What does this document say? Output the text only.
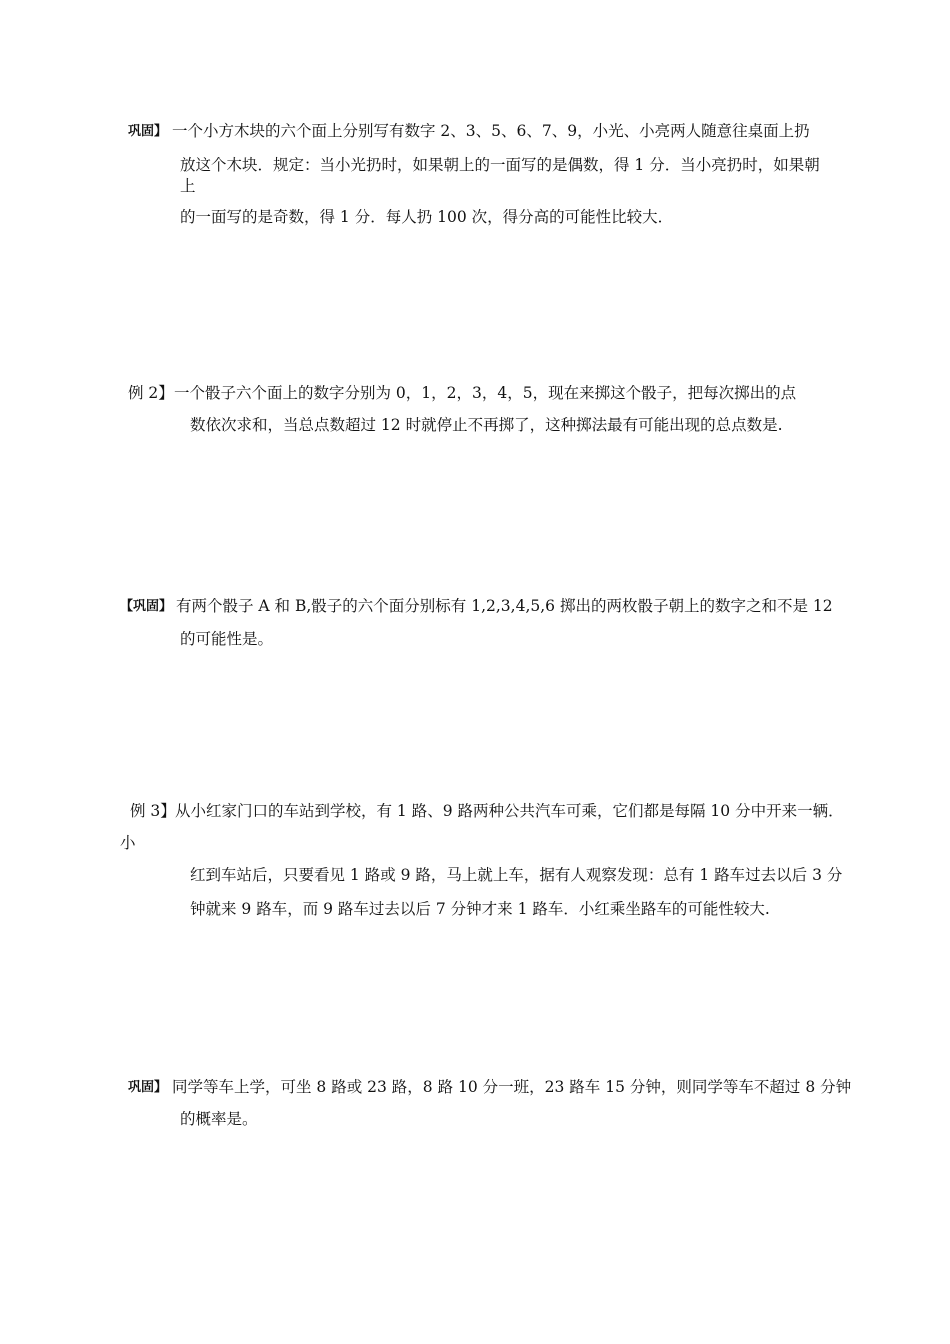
巩固】 一个小方木块的六个面上分别写有数字 2、3、5、6、7、9，小光、小亮两人随意往桌面上扔
放这个木块．规定：当小光扔时，如果朝上的一面写的是偶数，得 1 分．当小亮扔时，如果朝
上
的一面写的是奇数，得 1 分．每人扔 100 次，得分高的可能性比较大．
例 2】 一个骰子六个面上的数字分别为 0，1，2，3，4，5，现在来掷这个骰子，把每次掷出的点
数依次求和，当总点数超过 12 时就停止不再掷了，这种掷法最有可能出现的总点数是.
【巩固】 有两个骰子 A 和 B,骰子的六个面分别标有 1,2,3,4,5,6 掷出的两枚骰子朝上的数字之和不是 12
的可能性是。
例 3】 从小红家门口的车站到学校，有 1 路、9 路两种公共汽车可乘，它们都是每隔 10 分中开来一辆．
小
红到车站后，只要看见 1 路或 9 路，马上就上车，据有人观察发现：总有 1 路车过去以后 3 分
钟就来 9 路车，而 9 路车过去以后 7 分钟才来 1 路车．小红乘坐路车的可能性较大.
巩固】 同学等车上学，可坐 8 路或 23 路，8 路 10 分一班，23 路车 15 分钟，则同学等车不超过 8 分钟
的概率是。
